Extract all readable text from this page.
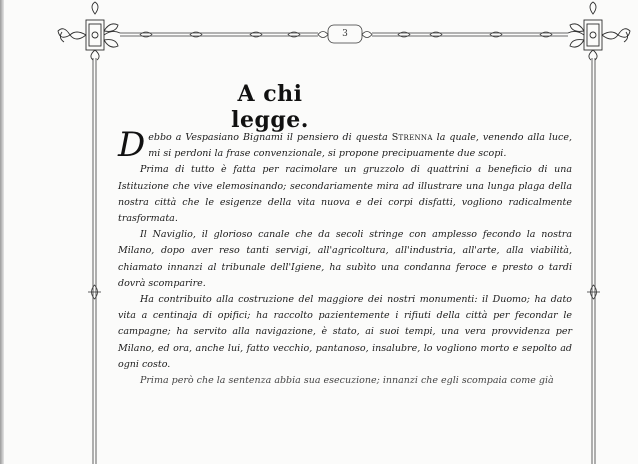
3
A chi legge.

Debbo a Vespasiano Bignami il pensiero di questa Strenna la quale, venendo alla luce, mi si perdoni la frase convenzionale, si propone precipuamente due scopi.

Prima di tutto è fatta per racimolare un gruzzolo di quattrini a beneficio di una Istituzione che vive elemosinando; secondariamente mira ad illustrare una lunga plaga della nostra città che le esigenze della vita nuova e dei corpi disfatti, vogliono radicalmente trasformata.

Il Naviglio, il glorioso canale che da secoli stringe con amplesso fecondo la nostra Milano, dopo aver reso tanti servigi, all'agricoltura, all'industria, all'arte, alla viabilità, chiamato innanzi al tribunale dell'Igiene, ha subìto una condanna feroce e presto o tardi dovrà scomparire.

Ha contribuito alla costruzione del maggiore dei nostri monumenti: il Duomo; ha dato vita a centinaja di opifici; ha raccolto pazientemente i rifiuti della città per fecondar le campagne; ha servito alla navigazione, è stato, ai suoi tempi, una vera provvidenza per Milano, ed ora, anche lui, fatto vecchio, pantanoso, insalubre, lo vogliono morto e sepolto ad ogni costo.

Prima però che la sentenza abbia sua esecuzione; innanzi che egli scompaia come già
